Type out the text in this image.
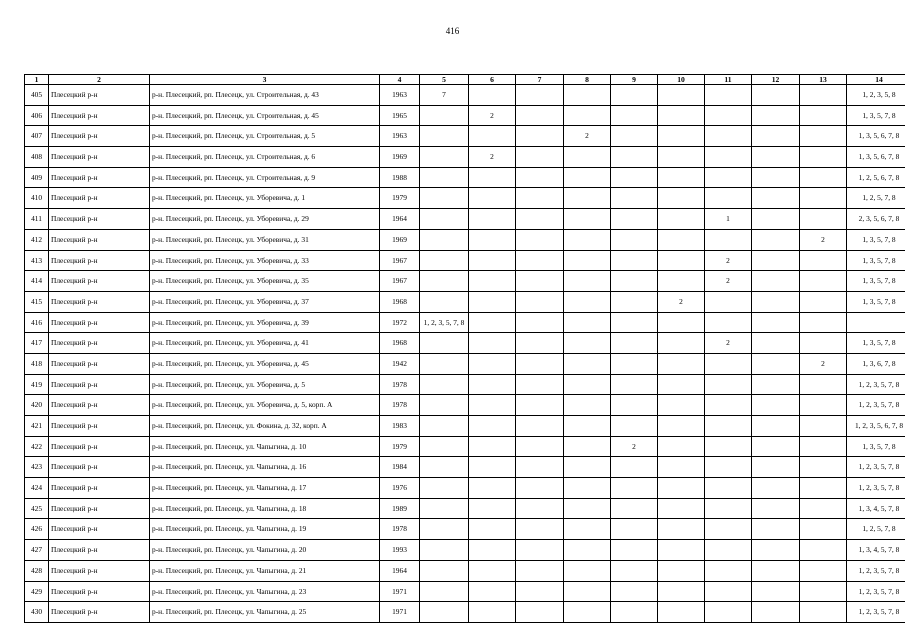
416
1	2	3	4	5	6	7	8	9	10	11	12	13	14
405	Плесецкий р-н	р-н. Плесецкий, рп. Плесецк, ул. Строительная, д. 43	1963	7									1, 2, 3, 5, 8
406	Плесецкий р-н	р-н. Плесецкий, рп. Плесецк, ул. Строительная, д. 45	1965		2								1, 3, 5, 7, 8
407	Плесецкий р-н	р-н. Плесецкий, рп. Плесецк, ул. Строительная, д. 5	1963				2						1, 3, 5, 6, 7, 8
408	Плесецкий р-н	р-н. Плесецкий, рп. Плесецк, ул. Строительная, д. 6	1969		2								1, 3, 5, 6, 7, 8
409	Плесецкий р-н	р-н. Плесецкий, рп. Плесецк, ул. Строительная, д. 9	1988										1, 2, 5, 6, 7, 8
410	Плесецкий р-н	р-н. Плесецкий, рп. Плесецк, ул. Уборевича, д. 1	1979										1, 2, 5, 7, 8
411	Плесецкий р-н	р-н. Плесецкий, рп. Плесецк, ул. Уборевича, д. 29	1964							1			2, 3, 5, 6, 7, 8
412	Плесецкий р-н	р-н. Плесецкий, рп. Плесецк, ул. Уборевича, д. 31	1969									2	1, 3, 5, 7, 8
413	Плесецкий р-н	р-н. Плесецкий, рп. Плесецк, ул. Уборевича, д. 33	1967							2			1, 3, 5, 7, 8
414	Плесецкий р-н	р-н. Плесецкий, рп. Плесецк, ул. Уборевича, д. 35	1967							2			1, 3, 5, 7, 8
415	Плесецкий р-н	р-н. Плесецкий, рп. Плесецк, ул. Уборевича, д. 37	1968						2				1, 3, 5, 7, 8
416	Плесецкий р-н	р-н. Плесецкий, рп. Плесецк, ул. Уборевича, д. 39	1972	1, 2, 3, 5, 7, 8									
417	Плесецкий р-н	р-н. Плесецкий, рп. Плесецк, ул. Уборевича, д. 41	1968							2			1, 3, 5, 7, 8
418	Плесецкий р-н	р-н. Плесецкий, рп. Плесецк, ул. Уборевича, д. 45	1942									2	1, 3, 6, 7, 8
419	Плесецкий р-н	р-н. Плесецкий, рп. Плесецк, ул. Уборевича, д. 5	1978										1, 2, 3, 5, 7, 8
420	Плесецкий р-н	р-н. Плесецкий, рп. Плесецк, ул. Уборевича, д. 5, корп. А	1978										1, 2, 3, 5, 7, 8
421	Плесецкий р-н	р-н. Плесецкий, рп. Плесецк, ул. Фокина, д. 32, корп. А	1983										1, 2, 3, 5, 6, 7, 8
422	Плесецкий р-н	р-н. Плесецкий, рп. Плесецк, ул. Чапыгина, д. 10	1979					2					1, 3, 5, 7, 8
423	Плесецкий р-н	р-н. Плесецкий, рп. Плесецк, ул. Чапыгина, д. 16	1984										1, 2, 3, 5, 7, 8
424	Плесецкий р-н	р-н. Плесецкий, рп. Плесецк, ул. Чапыгина, д. 17	1976										1, 2, 3, 5, 7, 8
425	Плесецкий р-н	р-н. Плесецкий, рп. Плесецк, ул. Чапыгина, д. 18	1989										1, 3, 4, 5, 7, 8
426	Плесецкий р-н	р-н. Плесецкий, рп. Плесецк, ул. Чапыгина, д. 19	1978										1, 2, 5, 7, 8
427	Плесецкий р-н	р-н. Плесецкий, рп. Плесецк, ул. Чапыгина, д. 20	1993										1, 3, 4, 5, 7, 8
428	Плесецкий р-н	р-н. Плесецкий, рп. Плесецк, ул. Чапыгина, д. 21	1964										1, 2, 3, 5, 7, 8
429	Плесецкий р-н	р-н. Плесецкий, рп. Плесецк, ул. Чапыгина, д. 23	1971										1, 2, 3, 5, 7, 8
430	Плесецкий р-н	р-н. Плесецкий, рп. Плесецк, ул. Чапыгина, д. 25	1971										1, 2, 3, 5, 7, 8
